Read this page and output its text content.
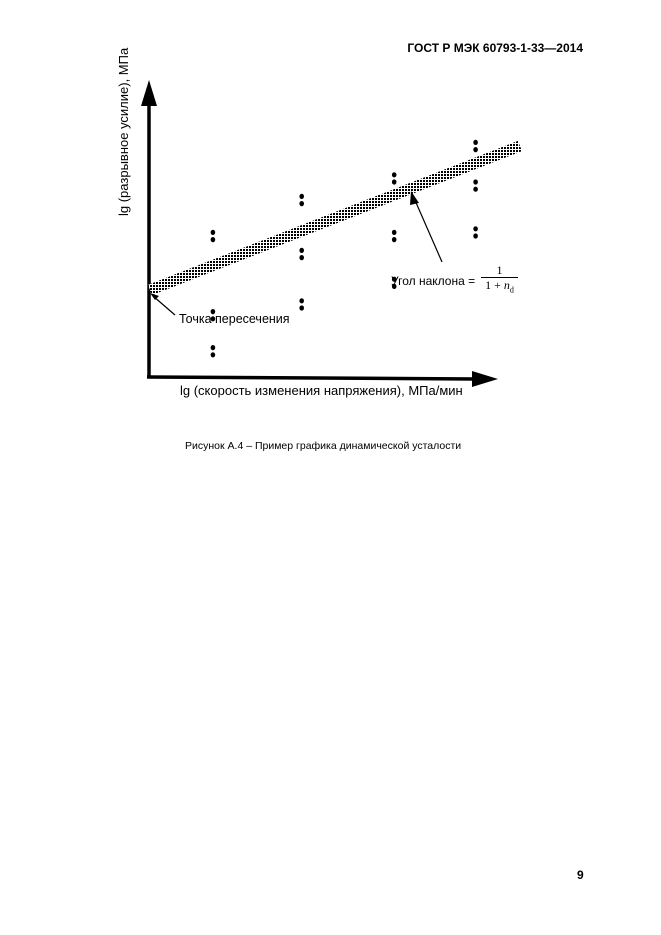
ГОСТ Р МЭК 60793-1-33—2014
lg (разрывное усилие), МПа
lg (скорость изменения напряжения), МПа/мин
Точка пересечения
Угол наклона = $\frac{1}{1 + n_d}$
Рисунок А.4 – Пример графика динамической усталости
9
